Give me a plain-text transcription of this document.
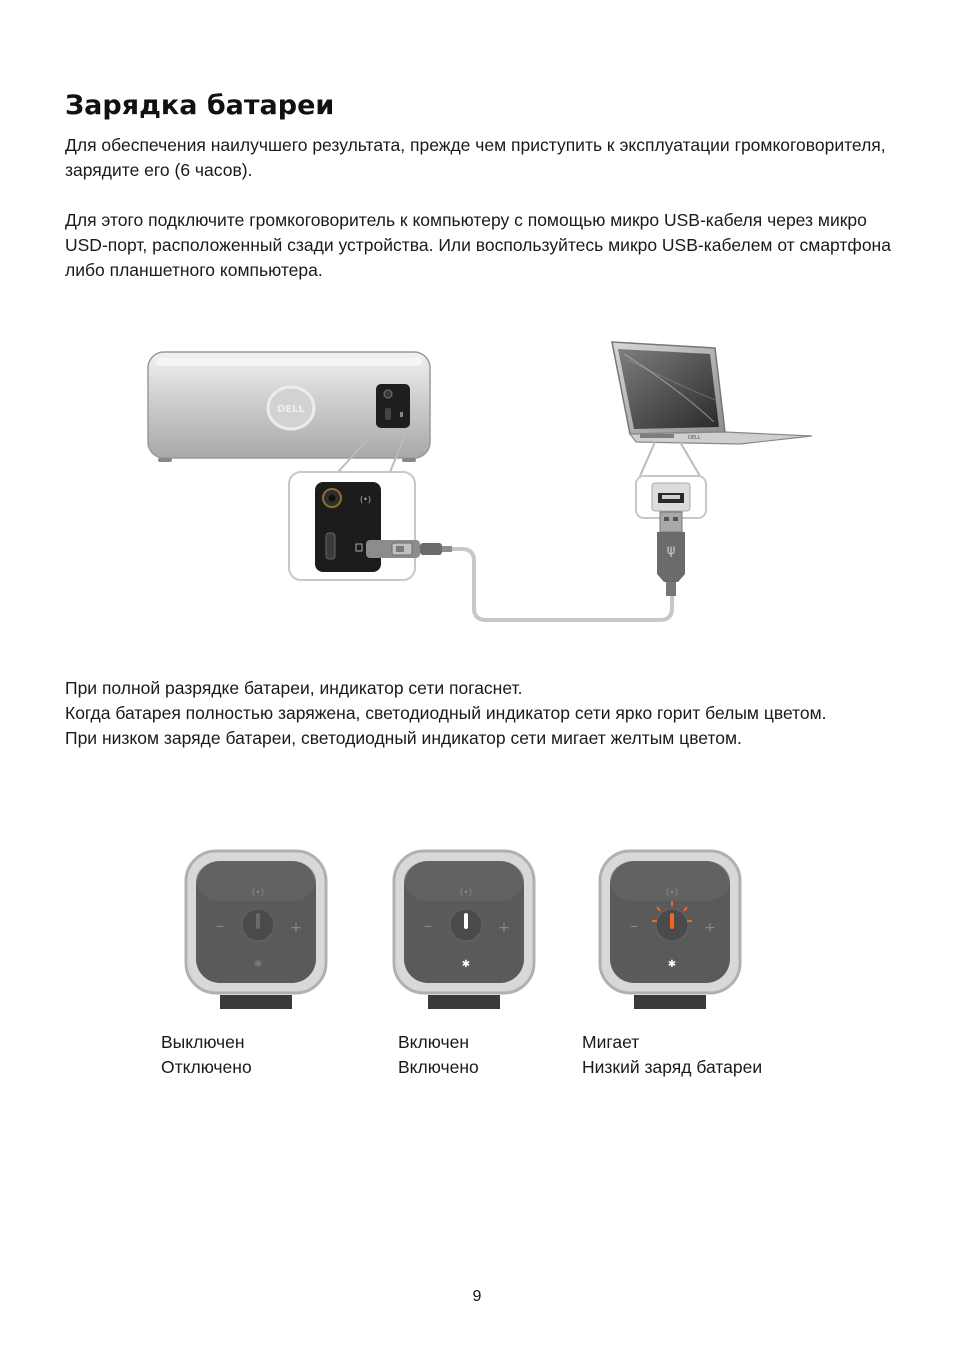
Зарядка батареи

Для обеспечения наилучшего результата, прежде чем приступить к эксплуатации громкоговорителя, зарядите его (6 часов).

Для этого подключите громкоговоритель к компьютеру с помощью микро USB-кабеля через микро USD-порт, расположенный сзади устройства. Или воспользуйтесь микро USB-кабелем от смартфона либо планшетного компьютера.

DELL
(•)
DELL
ψ

При полной разрядке батареи, индикатор сети погаснет.

Когда батарея полностью заряжена, светодиодный индикатор сети ярко горит белым цветом.

При низком заряде батареи, светодиодный индикатор сети мигает желтым цветом.

(•)
–	+
✱
(•)
–	+
✱
(•)
–	+
✱
Выключен
Отключено
Включен
Включено
Мигает
Низкий заряд батареи
9
